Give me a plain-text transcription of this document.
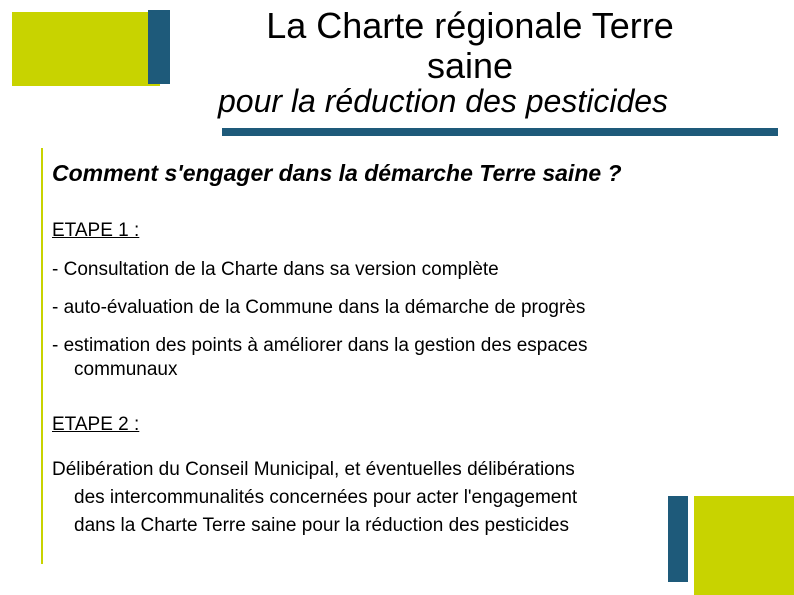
La Charte régionale Terre
saine
pour la réduction des pesticides
Comment s'engager dans la démarche Terre saine ?
ETAPE 1 :
- Consultation de la Charte dans sa version complète
- auto-évaluation de la Commune dans la démarche de progrès
- estimation des points à améliorer dans la gestion des espaces
communaux
ETAPE 2 :
Délibération du Conseil Municipal, et éventuelles délibérations
des intercommunalités concernées pour acter l'engagement
dans la Charte Terre saine pour la réduction des pesticides
